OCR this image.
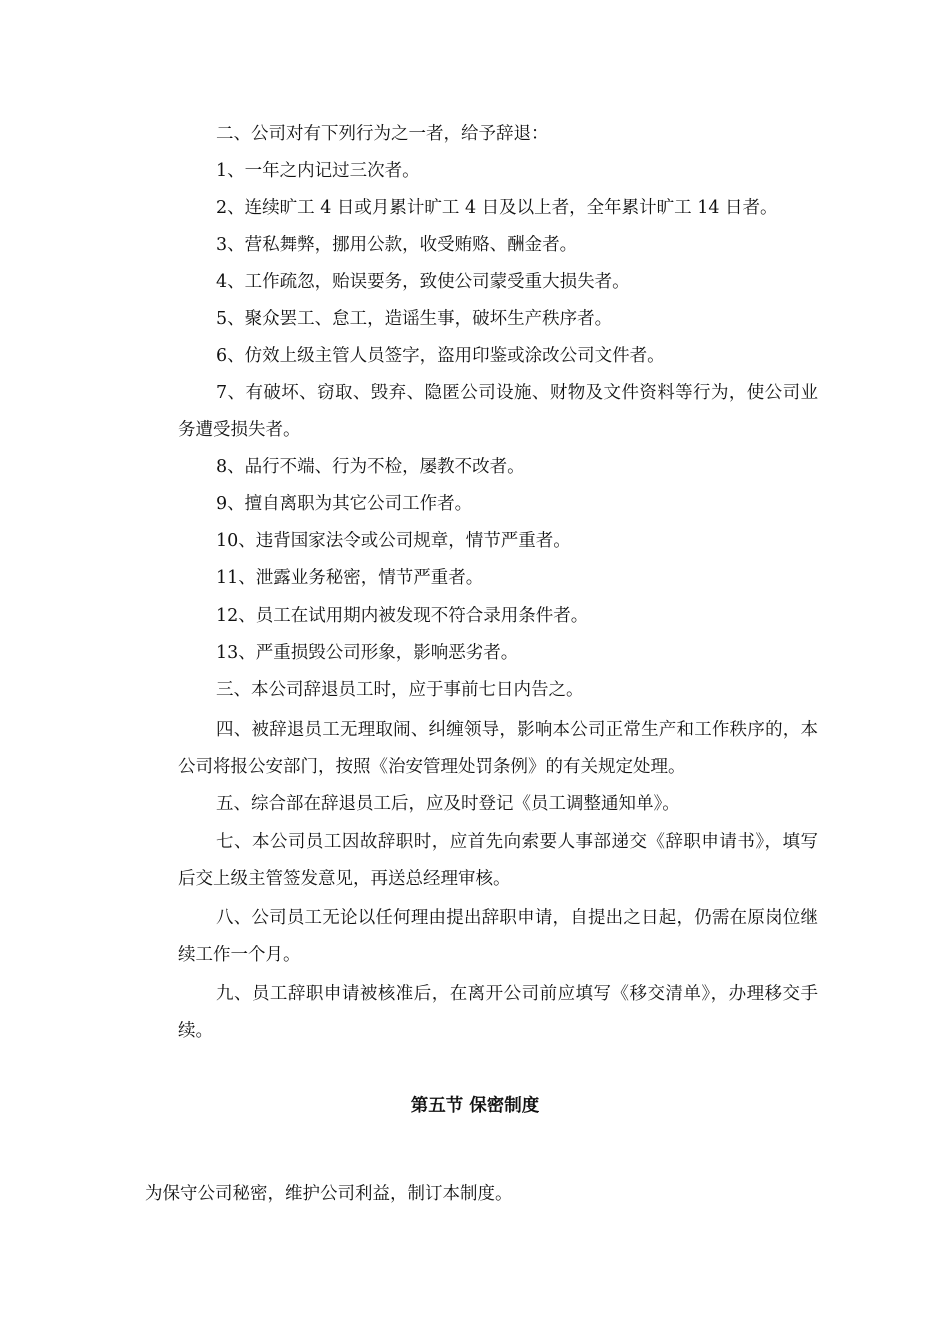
二、公司对有下列行为之一者，给予辞退：
1、一年之内记过三次者。
2、连续旷工 4 日或月累计旷工 4 日及以上者，全年累计旷工 14 日者。
3、营私舞弊，挪用公款，收受贿赂、酬金者。
4、工作疏忽，贻误要务，致使公司蒙受重大损失者。
5、聚众罢工、怠工，造谣生事，破坏生产秩序者。
6、仿效上级主管人员签字，盗用印鉴或涂改公司文件者。
7、有破坏、窃取、毁弃、隐匿公司设施、财物及文件资料等行为，使公司业务遭受损失者。
8、品行不端、行为不检，屡教不改者。
9、擅自离职为其它公司工作者。
10、违背国家法令或公司规章，情节严重者。
11、泄露业务秘密，情节严重者。
12、员工在试用期内被发现不符合录用条件者。
13、严重损毁公司形象，影响恶劣者。
三、本公司辞退员工时，应于事前七日内告之。
四、被辞退员工无理取闹、纠缠领导，影响本公司正常生产和工作秩序的，本公司将报公安部门，按照《治安管理处罚条例》的有关规定处理。
五、综合部在辞退员工后，应及时登记《员工调整通知单》。
七、本公司员工因故辞职时，应首先向索要人事部递交《辞职申请书》，填写后交上级主管签发意见，再送总经理审核。
八、公司员工无论以任何理由提出辞职申请，自提出之日起，仍需在原岗位继续工作一个月。
九、员工辞职申请被核准后，在离开公司前应填写《移交清单》，办理移交手续。
第五节 保密制度
为保守公司秘密，维护公司利益，制订本制度。
